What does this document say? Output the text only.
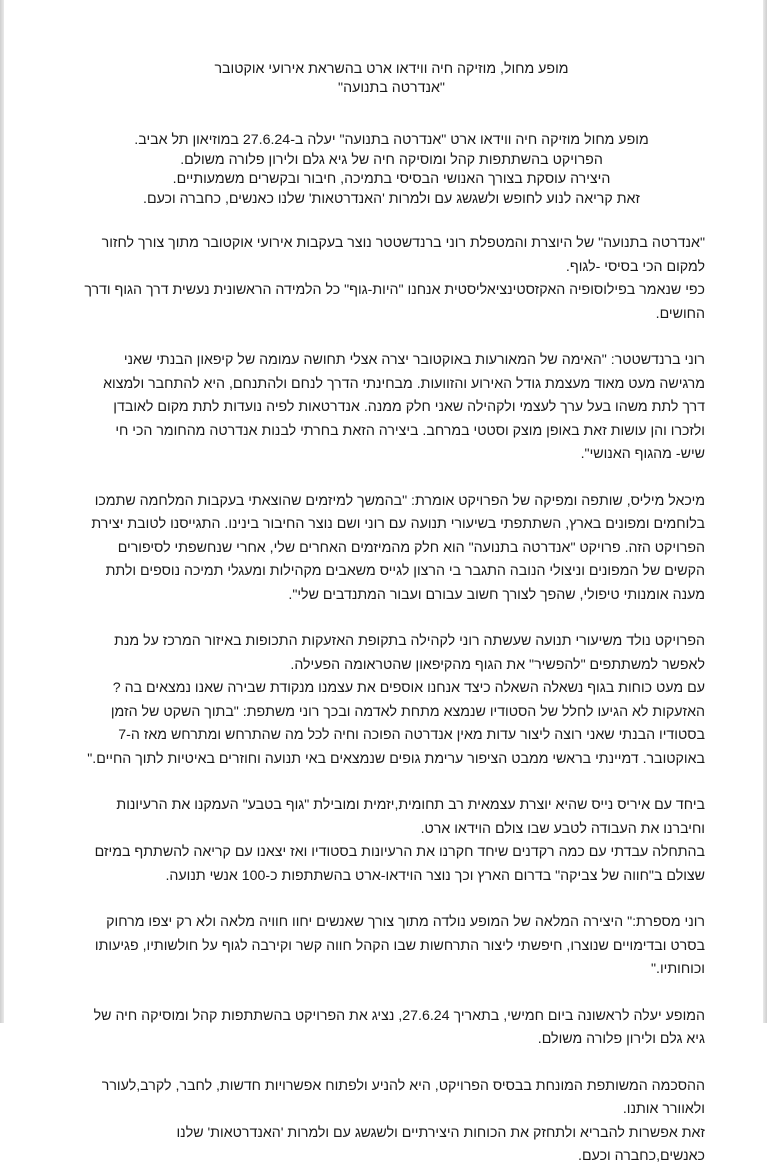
מופע מחול, מוזיקה חיה ווידאו ארט בהשראת אירועי אוקטובר
"אנדרטה בתנועה"
מופע מחול מוזיקה חיה ווידאו ארט "אנדרטה בתנועה" יעלה ב-27.6.24 במוזיאון תל אביב.
הפרויקט בהשתתפות קהל ומוסיקה חיה של גיא גלם ולירון פלורה משולם.
היצירה עוסקת בצורך האנושי הבסיסי בתמיכה, חיבור ובקשרים משמעותיים.
זאת קריאה לנוע לחופש ולשגשג עם ולמרות 'האנדרטאות' שלנו כאנשים, כחברה וכעם.
"אנדרטה בתנועה" של היוצרת והמטפלת רוני ברנדשטטר נוצר בעקבות אירועי אוקטובר מתוך צורך לחזור
למקום הכי בסיסי -לגוף.
כפי שנאמר בפילוסופיה האקזסטינציאליסטית אנחנו "היות-גוף" כל הלמידה הראשונית נעשית דרך הגוף ודרך
החושים.
רוני ברנדשטטר: "האימה של המאורעות באוקטובר יצרה אצלי תחושה עמומה של קיפאון הבנתי שאני
מרגישה מעט מאוד מעצמת גודל האירוע והזוועות. מבחינתי הדרך לנחם ולהתנחם, היא להתחבר ולמצוא
דרך לתת משהו בעל ערך לעצמי ולקהילה שאני חלק ממנה. אנדרטאות לפיה נועדות לתת מקום לאובדן
ולזכרו והן עושות זאת באופן מוצק וסטטי במרחב. ביצירה הזאת בחרתי לבנות אנדרטה מהחומר הכי חי
שיש- מהגוף האנושי".
מיכאל מיליס, שותפה ומפיקה של הפרויקט אומרת: "בהמשך למיזמים שהוצאתי בעקבות המלחמה שתמכו
בלוחמים ומפונים בארץ, השתתפתי בשיעורי תנועה עם רוני ושם נוצר החיבור בינינו. התגייסנו לטובת יצירת
הפרויקט הזה. פרויקט "אנדרטה בתנועה" הוא חלק מהמיזמים האחרים שלי, אחרי שנחשפתי לסיפורים
הקשים של המפונים וניצולי הנובה התגבר בי הרצון לגייס משאבים מקהילות ומעגלי תמיכה נוספים ולתת
מענה אומנותי טיפולי, שהפך לצורך חשוב עבורם ועבור המתנדבים שלי".
הפרויקט נולד משיעורי תנועה שעשתה רוני לקהילה בתקופת האזעקות התכופות באיזור המרכז על מנת
לאפשר למשתתפים "להפשיר" את הגוף מהקיפאון שהטראומה הפעילה.
עם מעט כוחות בגוף נשאלה השאלה כיצד אנחנו אוספים את עצמנו מנקודת שבירה שאנו נמצאים בה ?
האזעקות לא הגיעו לחלל של הסטודיו שנמצא מתחת לאדמה ובכך רוני משתפת: "בתוך השקט של הזמן
בסטודיו הבנתי שאני רוצה ליצור עדות מאין אנדרטה הפוכה וחיה לכל מה שהתרחש ומתרחש מאז ה-7
באוקטובר. דמיינתי בראשי ממבט הציפור ערימת גופים שנמצאים באי תנועה וחוזרים באיטיות לתוך החיים."
ביחד עם איריס נייס שהיא יוצרת עצמאית רב תחומית,יזמית ומובילת "גוף בטבע" העמקנו את הרעיונות
וחיברנו את העבודה לטבע שבו צולם הוידאו ארט.
בהתחלה עבדתי עם כמה רקדנים שיחד חקרנו את הרעיונות בסטודיו ואז יצאנו עם קריאה להשתתף במיזם
שצולם ב"חווה של צביקה" בדרום הארץ וכך נוצר הוידאו-ארט בהשתתפות כ-100 אנשי תנועה.
רוני מספרת:" היצירה המלאה של המופע נולדה מתוך צורך שאנשים יחוו חוויה מלאה ולא רק יצפו מרחוק
בסרט ובדימויים שנוצרו, חיפשתי ליצור התרחשות שבו הקהל חווה קשר וקירבה לגוף על חולשותיו, פגיעותו
וכוחותיו."
המופע יעלה לראשונה ביום חמישי, בתאריך 27.6.24, נציג את הפרויקט בהשתתפות קהל ומוסיקה חיה של
גיא גלם ולירון פלורה משולם.
ההסכמה המשותפת המונחת בבסיס הפרויקט, היא להניע ולפתוח אפשרויות חדשות, לחבר, לקרב,לעורר
ולאוורר אותנו.
זאת אפשרות להבריא ולתחזק את הכוחות היצירתיים ולשגשג עם ולמרות 'האנדרטאות' שלנו
כאנשים,כחברה וכעם.
